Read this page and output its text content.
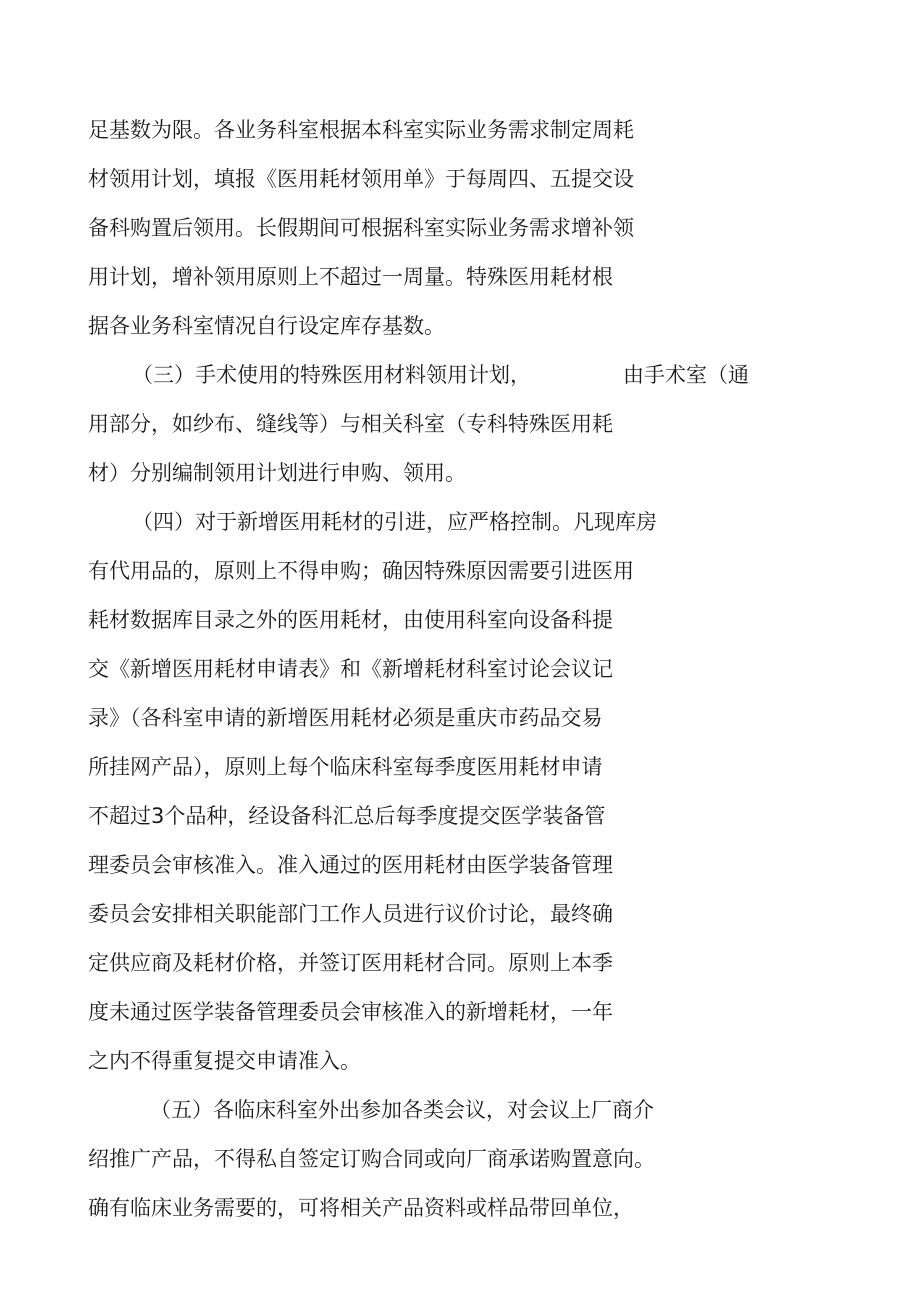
足基数为限。各业务科室根据本科室实际业务需求制定周耗
材领用计划，填报《医用耗材领用单》于每周四、五提交设
备科购置后领用。长假期间可根据科室实际业务需求增补领
用计划，增补领用原则上不超过一周量。特殊医用耗材根
据各业务科室情况自行设定库存基数。
（三）手术使用的特殊医用材料领用计划，	由手术室（通
用部分，如纱布、缝线等）与相关科室（专科特殊医用耗
材）分别编制领用计划进行申购、领用。
（四）对于新增医用耗材的引进，应严格控制。凡现库房
有代用品的，原则上不得申购；确因特殊原因需要引进医用
耗材数据库目录之外的医用耗材，由使用科室向设备科提
交《新增医用耗材申请表》和《新增耗材科室讨论会议记
录》（各科室申请的新增医用耗材必须是重庆市药品交易
所挂网产品），原则上每个临床科室每季度医用耗材申请
不超过3个品种，经设备科汇总后每季度提交医学装备管
理委员会审核准入。准入通过的医用耗材由医学装备管理
委员会安排相关职能部门工作人员进行议价讨论，最终确
定供应商及耗材价格，并签订医用耗材合同。原则上本季
度未通过医学装备管理委员会审核准入的新增耗材，一年
之内不得重复提交申请准入。
（五）各临床科室外出参加各类会议，对会议上厂商介
绍推广产品，不得私自签定订购合同或向厂商承诺购置意向。
确有临床业务需要的，可将相关产品资料或样品带回单位，
